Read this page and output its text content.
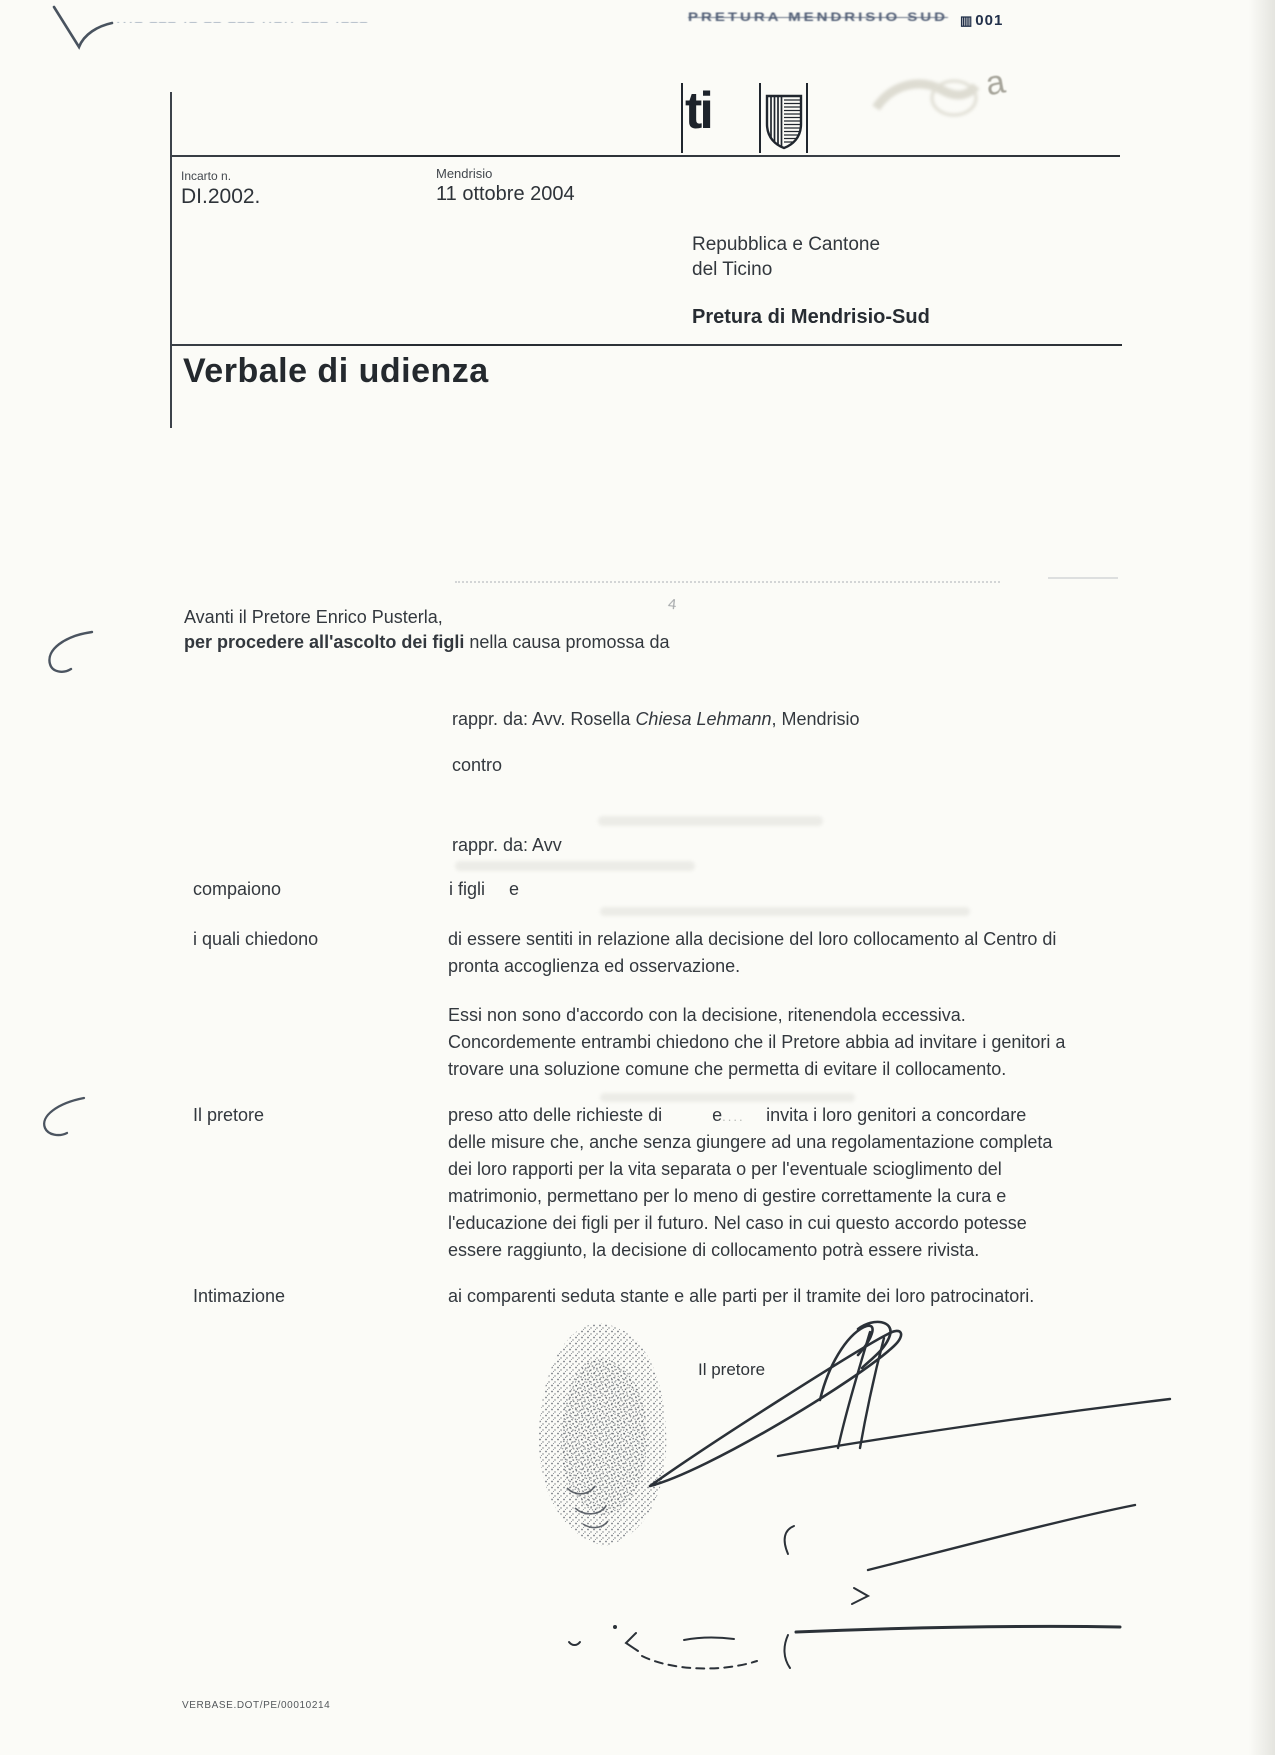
···– ––– ·– –– ––– ··–·· ––– ·–––	PRETURA MENDRISIO SUD ▥ 001
ti	a
Incarto n.
DI.2002.
Mendrisio
11 ottobre 2004
Repubblica e Cantone
del Ticino
Pretura di Mendrisio-Sud
Verbale di udienza
Avanti il Pretore Enrico Pusterla,
4
per procedere all'ascolto dei figli nella causa promossa da
rappr. da: Avv. Rosella Chiesa Lehmann, Mendrisio
contro
rappr. da: Avv
compaiono	i figli e
i quali chiedono	di essere sentiti in relazione alla decisione del loro collocamento al Centro di
pronta accoglienza ed osservazione.
Essi non sono d'accordo con la decisione, ritenendola eccessiva.
Concordemente entrambi chiedono che il Pretore abbia ad invitare i genitori a
trovare una soluzione comune che permetta di evitare il collocamento.
Il pretore	preso atto delle richieste di	e.... invita i loro genitori a concordare
delle misure che, anche senza giungere ad una regolamentazione completa
dei loro rapporti per la vita separata o per l'eventuale scioglimento del
matrimonio, permettano per lo meno di gestire correttamente la cura e
l'educazione dei figli per il futuro. Nel caso in cui questo accordo potesse
essere raggiunto, la decisione di collocamento potrà essere rivista.
Intimazione	ai comparenti seduta stante e alle parti per il tramite dei loro patrocinatori.
Il pretore
VERBASE.DOT/PE/00010214
